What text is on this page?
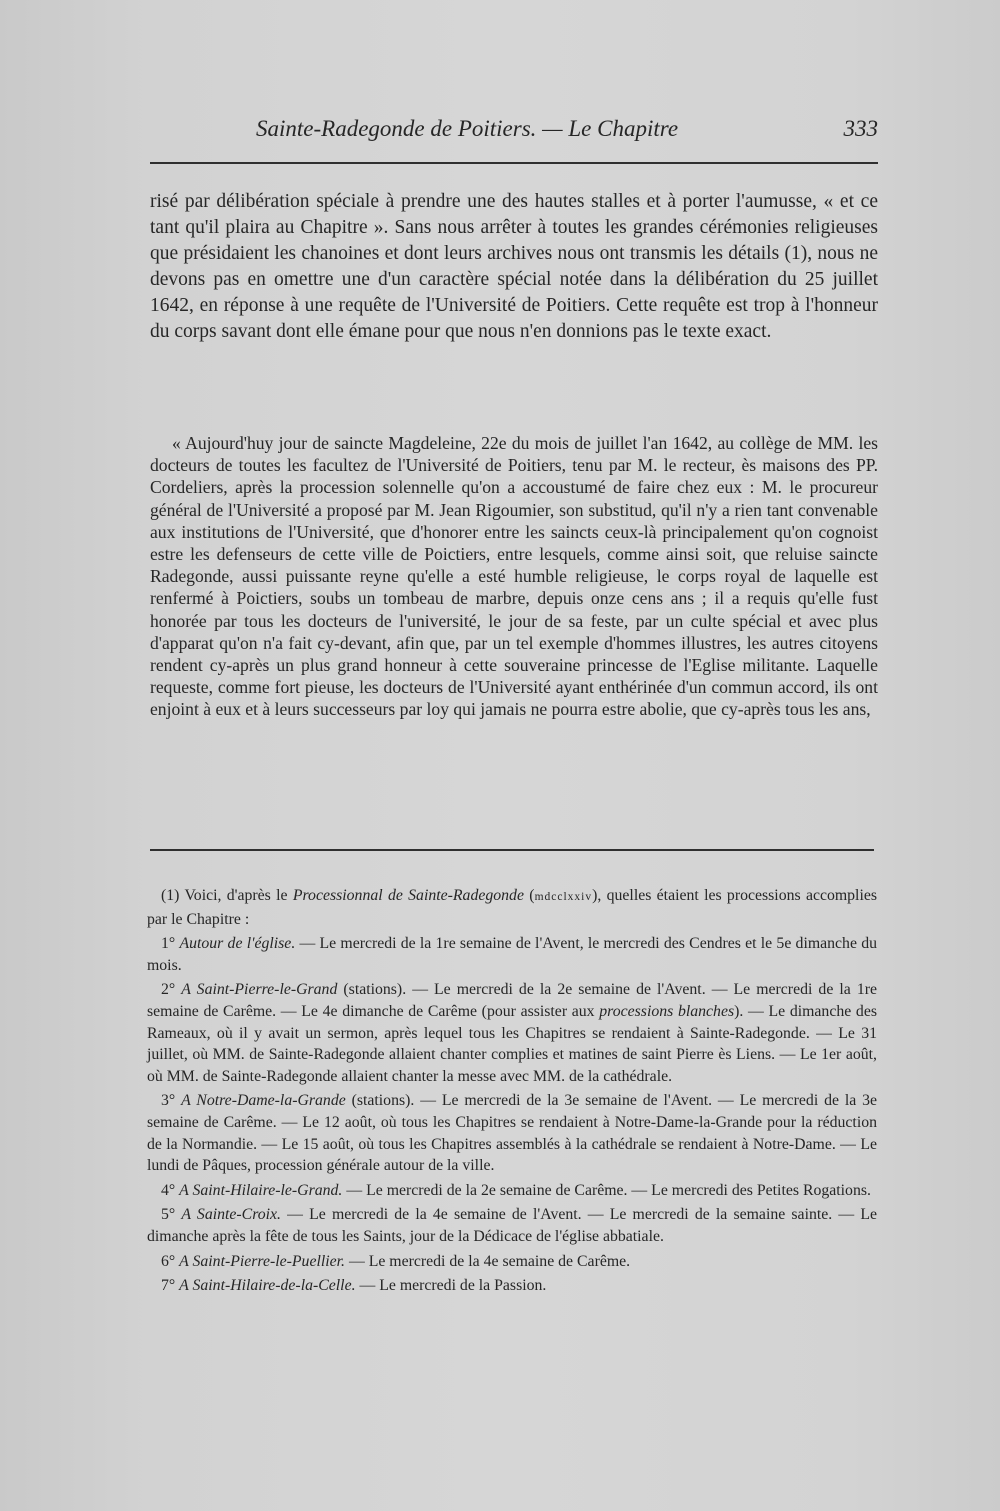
Sainte-Radegonde de Poitiers. — Le Chapitre	333

risé par délibération spéciale à prendre une des hautes stalles et à porter l'aumusse, « et ce tant qu'il plaira au Chapitre ». Sans nous arrêter à toutes les grandes cérémonies religieuses que présidaient les chanoines et dont leurs archives nous ont transmis les détails (1), nous ne devons pas en omettre une d'un caractère spécial notée dans la délibération du 25 juillet 1642, en réponse à une requête de l'Université de Poitiers. Cette requête est trop à l'honneur du corps savant dont elle émane pour que nous n'en donnions pas le texte exact.

« Aujourd'huy jour de saincte Magdeleine, 22e du mois de juillet l'an 1642, au collège de MM. les docteurs de toutes les facultez de l'Université de Poitiers, tenu par M. le recteur, ès maisons des PP. Cordeliers, après la procession solennelle qu'on a accoustumé de faire chez eux : M. le procureur général de l'Université a proposé par M. Jean Rigoumier, son substitud, qu'il n'y a rien tant convenable aux institutions de l'Université, que d'honorer entre les saincts ceux-là principalement qu'on cognoist estre les defenseurs de cette ville de Poictiers, entre lesquels, comme ainsi soit, que reluise saincte Radegonde, aussi puissante reyne qu'elle a esté humble religieuse, le corps royal de laquelle est renfermé à Poictiers, soubs un tombeau de marbre, depuis onze cens ans ; il a requis qu'elle fust honorée par tous les docteurs de l'université, le jour de sa feste, par un culte spécial et avec plus d'apparat qu'on n'a fait cy-devant, afin que, par un tel exemple d'hommes illustres, les autres citoyens rendent cy-après un plus grand honneur à cette souveraine princesse de l'Eglise militante. Laquelle requeste, comme fort pieuse, les docteurs de l'Université ayant enthérinée d'un commun accord, ils ont enjoint à eux et à leurs successeurs par loy qui jamais ne pourra estre abolie, que cy-après tous les ans,

(1) Voici, d'après le Processionnal de Sainte-Radegonde (mdcclxxiv), quelles étaient les processions accomplies par le Chapitre :

1° Autour de l'église. — Le mercredi de la 1re semaine de l'Avent, le mercredi des Cendres et le 5e dimanche du mois.

2° A Saint-Pierre-le-Grand (stations). — Le mercredi de la 2e semaine de l'Avent. — Le mercredi de la 1re semaine de Carême. — Le 4e dimanche de Carême (pour assister aux processions blanches). — Le dimanche des Rameaux, où il y avait un sermon, après lequel tous les Chapitres se rendaient à Sainte-Radegonde. — Le 31 juillet, où MM. de Sainte-Radegonde allaient chanter complies et matines de saint Pierre ès Liens. — Le 1er août, où MM. de Sainte-Radegonde allaient chanter la messe avec MM. de la cathédrale.

3° A Notre-Dame-la-Grande (stations). — Le mercredi de la 3e semaine de l'Avent. — Le mercredi de la 3e semaine de Carême. — Le 12 août, où tous les Chapitres se rendaient à Notre-Dame-la-Grande pour la réduction de la Normandie. — Le 15 août, où tous les Chapitres assemblés à la cathédrale se rendaient à Notre-Dame. — Le lundi de Pâques, procession générale autour de la ville.

4° A Saint-Hilaire-le-Grand. — Le mercredi de la 2e semaine de Carême. — Le mercredi des Petites Rogations.

5° A Sainte-Croix. — Le mercredi de la 4e semaine de l'Avent. — Le mercredi de la semaine sainte. — Le dimanche après la fête de tous les Saints, jour de la Dédicace de l'église abbatiale.

6° A Saint-Pierre-le-Puellier. — Le mercredi de la 4e semaine de Carême.

7° A Saint-Hilaire-de-la-Celle. — Le mercredi de la Passion.
